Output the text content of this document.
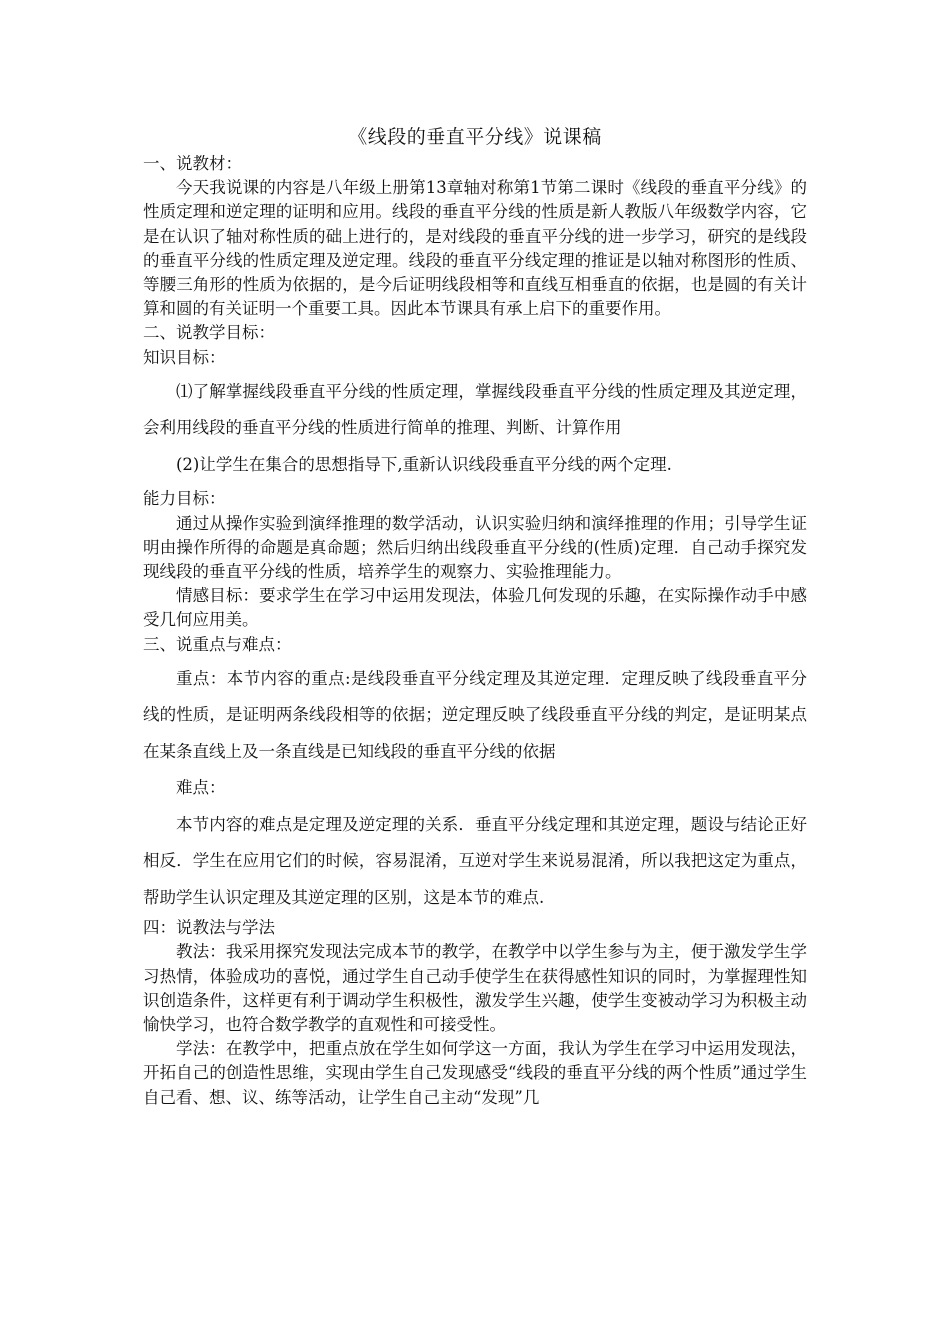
《线段的垂直平分线》说课稿
一、说教材：
今天我说课的内容是八年级上册第13章轴对称第1节第二课时《线段的垂直平分线》的性质定理和逆定理的证明和应用。线段的垂直平分线的性质是新人教版八年级数学内容，它是在认识了轴对称性质的础上进行的，是对线段的垂直平分线的进一步学习，研究的是线段的垂直平分线的性质定理及逆定理。线段的垂直平分线定理的推证是以轴对称图形的性质、等腰三角形的性质为依据的，是今后证明线段相等和直线互相垂直的依据，也是圆的有关计算和圆的有关证明一个重要工具。因此本节课具有承上启下的重要作用。
二、说教学目标：
知识目标：
⑴了解掌握线段垂直平分线的性质定理，掌握线段垂直平分线的性质定理及其逆定理， 会利用线段的垂直平分线的性质进行简单的推理、判断、计算作用
(2)让学生在集合的思想指导下,重新认识线段垂直平分线的两个定理.
能力目标：
通过从操作实验到演绎推理的数学活动，认识实验归纳和演绎推理的作用；引导学生证明由操作所得的命题是真命题；然后归纳出线段垂直平分线的(性质)定理．自己动手探究发现线段的垂直平分线的性质，培养学生的观察力、实验推理能力。
情感目标：要求学生在学习中运用发现法，体验几何发现的乐趣，在实际操作动手中感受几何应用美。
三、说重点与难点：
重点：本节内容的重点:是线段垂直平分线定理及其逆定理．定理反映了线段垂直平分线的性质，是证明两条线段相等的依据；逆定理反映了线段垂直平分线的判定，是证明某点在某条直线上及一条直线是已知线段的垂直平分线的依据
难点：
本节内容的难点是定理及逆定理的关系．垂直平分线定理和其逆定理，题设与结论正好相反．学生在应用它们的时候，容易混淆，互逆对学生来说易混淆，所以我把这定为重点，帮助学生认识定理及其逆定理的区别，这是本节的难点.
四：说教法与学法
教法：我采用探究发现法完成本节的教学，在教学中以学生参与为主，便于激发学生学习热情，体验成功的喜悦，通过学生自己动手使学生在获得感性知识的同时，为掌握理性知识创造条件，这样更有利于调动学生积极性，激发学生兴趣，使学生变被动学习为积极主动愉快学习，也符合数学教学的直观性和可接受性。
学法：在教学中，把重点放在学生如何学这一方面，我认为学生在学习中运用发现法，开拓自己的创造性思维，实现由学生自己发现感受“线段的垂直平分线的两个性质”通过学生自己看、想、议、练等活动，让学生自己主动“发现”几
